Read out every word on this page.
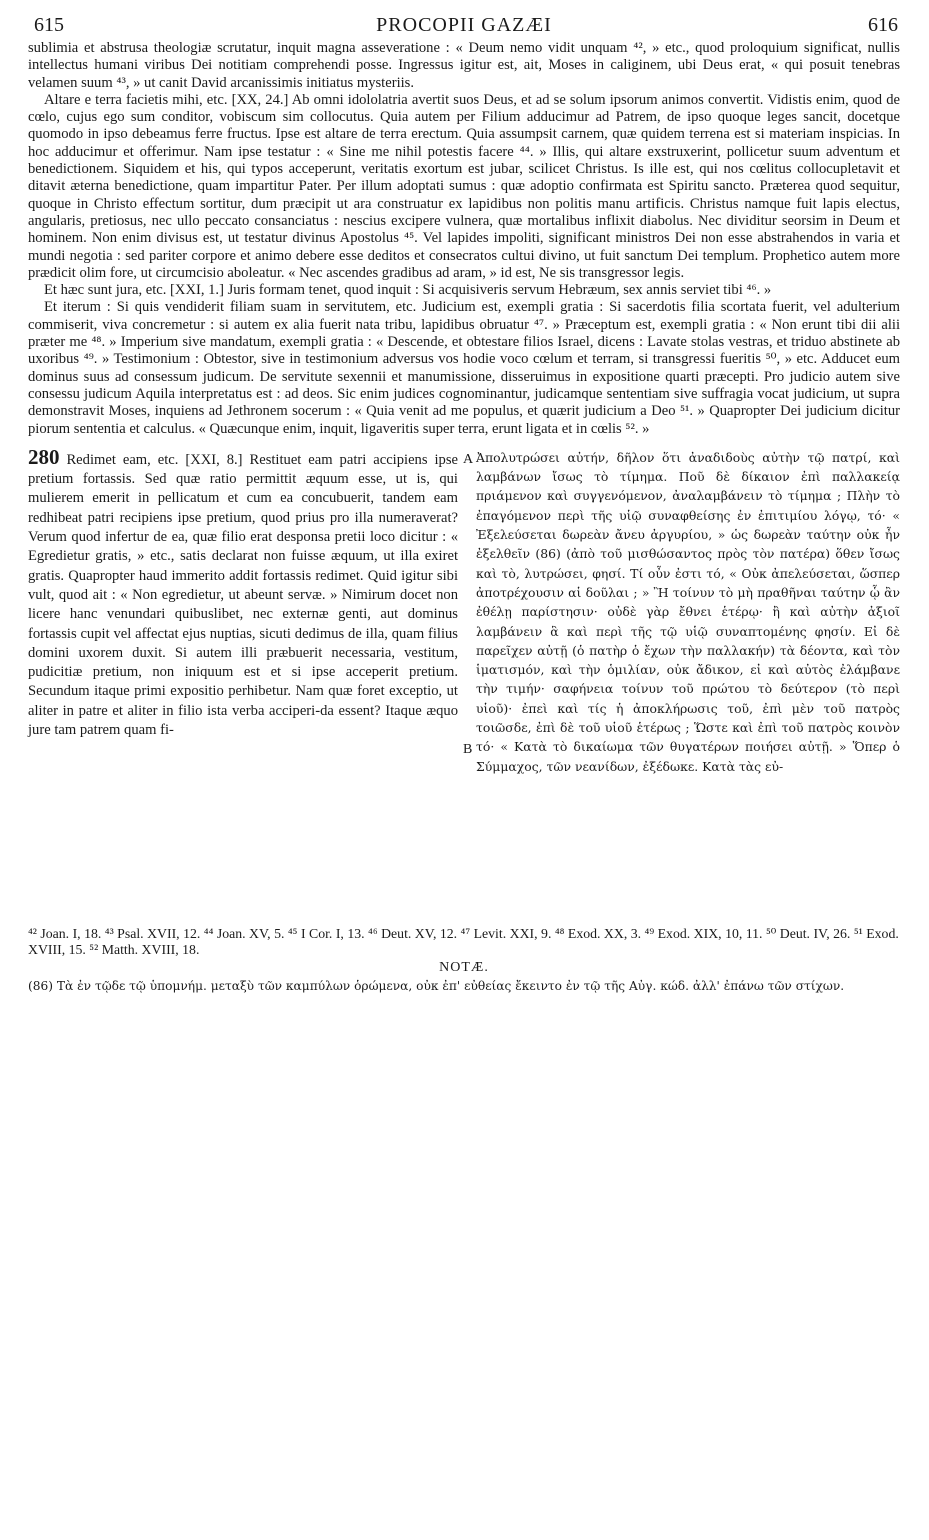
615	PROCOPII GAZÆI	616

sublimia et abstrusa theologiæ scrutatur, inquit magna asseveratione : « Deum nemo vidit unquam ⁴², » etc., quod proloquium significat, nullis intellectus humani viribus Dei notitiam comprehendi posse. Ingressus igitur est, ait, Moses in caliginem, ubi Deus erat, « qui posuit tenebras velamen suum ⁴³, » ut canit David arcanissimis initiatus mysteriis.

Altare e terra facietis mihi, etc. [XX, 24.] Ab omni idololatria avertit suos Deus, et ad se solum ipsorum animos convertit. Vidistis enim, quod de cœlo, cujus ego sum conditor, vobiscum sim collocutus. Quia autem per Filium adducimur ad Patrem, de ipso quoque leges sancit, docetque quomodo in ipso debeamus ferre fructus. Ipse est altare de terra erectum. Quia assumpsit carnem, quæ quidem terrena est si materiam inspicias. In hoc adducimur et offerimur. Nam ipse testatur : « Sine me nihil potestis facere ⁴⁴. » Illis, qui altare exstruxerint, pollicetur suum adventum et benedictionem. Siquidem et his, qui typos acceperunt, veritatis exortum est jubar, scilicet Christus. Is ille est, qui nos cœlitus collocupletavit et ditavit æterna benedictione, quam impartitur Pater. Per illum adoptati sumus : quæ adoptio confirmata est Spiritu sancto. Præterea quod sequitur, quoque in Christo effectum sortitur, dum præcipit ut ara construatur ex lapidibus non politis manu artificis. Christus namque fuit lapis electus, angularis, pretiosus, nec ullo peccato consanciatus : nescius excipere vulnera, quæ mortalibus inflixit diabolus. Nec dividitur seorsim in Deum et hominem. Non enim divisus est, ut testatur divinus Apostolus ⁴⁵. Vel lapides impoliti, significant ministros Dei non esse abstrahendos in varia et mundi negotia : sed pariter corpore et animo debere esse deditos et consecratos cultui divino, ut fuit sanctum Dei templum. Prophetico autem more prædicit olim fore, ut circumcisio aboleatur. « Nec ascendes gradibus ad aram, » id est, Ne sis transgressor legis.

Et hæc sunt jura, etc. [XXI, 1.] Juris formam tenet, quod inquit : Si acquisiveris servum Hebræum, sex annis serviet tibi ⁴⁶. »

Et iterum : Si quis vendiderit filiam suam in servitutem, etc. Judicium est, exempli gratia : Si sacerdotis filia scortata fuerit, vel adulterium commiserit, viva concremetur : si autem ex alia fuerit nata tribu, lapidibus obruatur ⁴⁷. » Præceptum est, exempli gratia : « Non erunt tibi dii alii præter me ⁴⁸. » Imperium sive mandatum, exempli gratia : « Descende, et obtestare filios Israel, dicens : Lavate stolas vestras, et triduo abstinete ab uxoribus ⁴⁹. » Testimonium : Obtestor, sive in testimonium adversus vos hodie voco cœlum et terram, si transgressi fueritis ⁵⁰, » etc. Adducet eum dominus suus ad consessum judicum. De servitute sexennii et manumissione, disseruimus in expositione quarti præcepti. Pro judicio autem sive consessu judicum Aquila interpretatus est : ad deos. Sic enim judices cognominantur, judicamque sententiam sive suffragia vocat judicium, ut supra demonstravit Moses, inquiens ad Jethronem socerum : « Quia venit ad me populus, et quærit judicium a Deo ⁵¹. » Quapropter Dei judicium dicitur piorum sententia et calculus. « Quæcunque enim, inquit, ligaveritis super terra, erunt ligata et in cœlis ⁵². »

280 Redimet eam, etc. [XXI, 8.] Restituet eam patri accipiens ipse pretium fortassis. Sed quæ ratio permittit æquum esse, ut is, qui mulierem emerit in pellicatum et cum ea concubuerit, tandem eam redhibeat patri recipiens ipse pretium, quod prius pro illa numeraverat? Verum quod infertur de ea, quæ filio erat desponsa pretii loco dicitur : « Egredietur gratis, » etc., satis declarat non fuisse æquum, ut illa exiret gratis. Quapropter haud immerito addit fortassis redimet. Quid igitur sibi vult, quod ait : « Non egredietur, ut abeunt servæ. » Nimirum docet non licere hanc venundari quibuslibet, nec externæ genti, aut dominus fortassis cupit vel affectat ejus nuptias, sicuti dedimus de illa, quam filius domini uxorem duxit. Si autem illi præbuerit necessaria, vestitum, pudicitiæ pretium, non iniquum est et si ipse acceperit pretium. Secundum itaque primi expositio perhibetur. Nam quæ foret exceptio, ut aliter in patre et aliter in filio ista verba acciperi-da essent? Itaque æquo jure tam patrem quam fi-

A
B

Ἀπολυτρώσει αὐτήν, δῆλον ὅτι ἀναδιδοὺς αὐτὴν τῷ πατρί, καὶ λαμβάνων ἴσως τὸ τίμημα. Ποῦ δὲ δίκαιον ἐπὶ παλλακείᾳ πριάμενον καὶ συγγενόμενον, ἀναλαμβάνειν τὸ τίμημα ; Πλὴν τὸ ἐπαγόμενον περὶ τῆς υἱῷ συναφθείσης ἐν ἐπιτιμίου λόγῳ, τό· « Ἐξελεύσεται δωρεὰν ἄνευ ἀργυρίου, » ὡς δωρεὰν ταύτην οὐκ ἦν ἐξελθεῖν (86) (ἀπὸ τοῦ μισθώσαντος πρὸς τὸν πατέρα) ὅθεν ἴσως καὶ τὸ, λυτρώσει, φησί. Τί οὖν ἐστι τό, « Οὐκ ἀπελεύσεται, ὥσπερ ἀποτρέχουσιν αἱ δοῦλαι ; » Ἢ τοίνυν τὸ μὴ πραθῆναι ταύτην ᾧ ἂν ἐθέλῃ παρίστησιν· οὐδὲ γὰρ ἔθνει ἑτέρῳ· ἢ καὶ αὐτὴν ἀξιοῖ λαμβάνειν ἃ καὶ περὶ τῆς τῷ υἱῷ συναπτομένης φησίν. Εἰ δὲ παρεῖχεν αὐτῇ (ὁ πατὴρ ὁ ἔχων τὴν παλλακήν) τὰ δέοντα, καὶ τὸν ἱματισμόν, καὶ τὴν ὁμιλίαν, οὐκ ἄδικον, εἰ καὶ αὐτὸς ἐλάμβανε τὴν τιμήν· σαφήνεια τοίνυν τοῦ πρώτου τὸ δεύτερον (τὸ περὶ υἱοῦ)· ἐπεὶ καὶ τίς ἡ ἀποκλήρωσις τοῦ, ἐπὶ μὲν τοῦ πατρὸς τοιῶσδε, ἐπὶ δὲ τοῦ υἱοῦ ἑτέρως ; Ὥστε καὶ ἐπὶ τοῦ πατρὸς κοινὸν τό· « Κατὰ τὸ δικαίωμα τῶν θυγατέρων ποιήσει αὐτῇ. » Ὅπερ ὁ Σύμμαχος, τῶν νεανίδων, ἐξέδωκε. Κατὰ τὰς εὐ-

⁴² Joan. I, 18. ⁴³ Psal. XVII, 12. ⁴⁴ Joan. XV, 5. ⁴⁵ I Cor. I, 13. ⁴⁶ Deut. XV, 12. ⁴⁷ Levit. XXI, 9. ⁴⁸ Exod. XX, 3. ⁴⁹ Exod. XIX, 10, 11. ⁵⁰ Deut. IV, 26. ⁵¹ Exod. XVIII, 15. ⁵² Matth. XVIII, 18.
NOTÆ.
(86) Τὰ ἐν τῷδε τῷ ὑπομνήμ. μεταξὺ τῶν καμπύλων ὁρώμενα, οὐκ ἐπ' εὐθείας ἔκειντο ἐν τῷ τῆς Αὐγ. κώδ. ἀλλ' ἐπάνω τῶν στίχων.
